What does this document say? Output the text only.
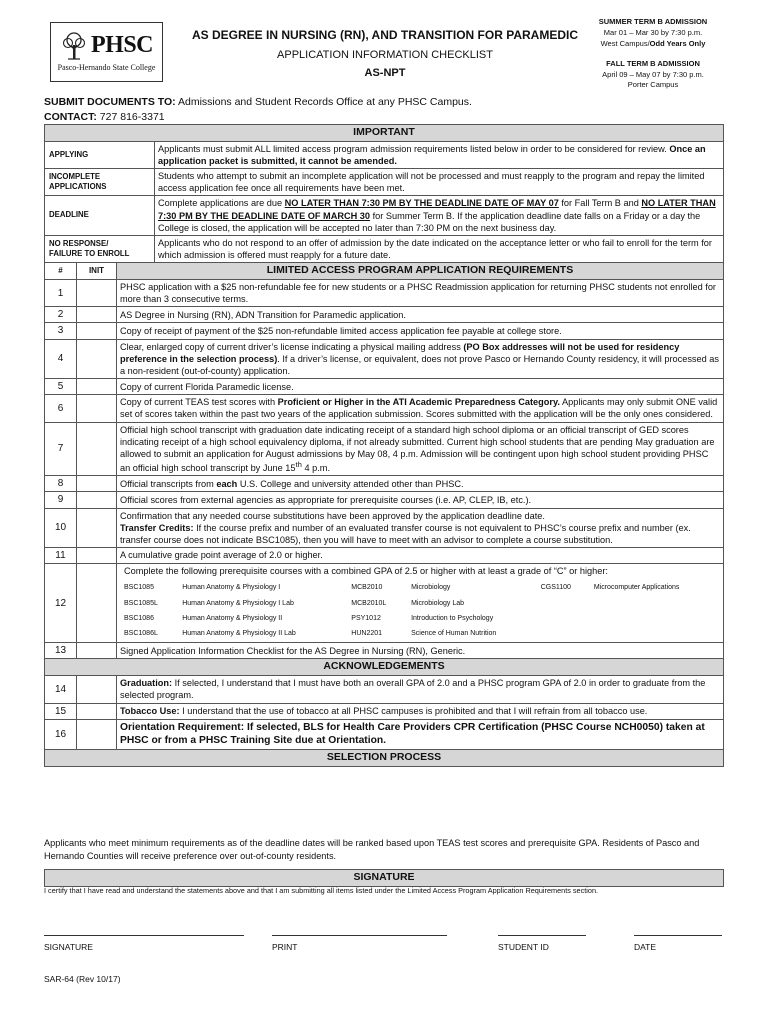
PHSC
Pasco-Hernando State College
AS DEGREE IN NURSING (RN), AND TRANSITION FOR PARAMEDIC
APPLICATION INFORMATION CHECKLIST
AS-NPT
SUMMER TERM B ADMISSION
Mar 01 – Mar 30 by 7:30 p.m.
West Campus/Odd Years Only
FALL TERM B ADMISSION
April 09 – May 07 by 7:30 p.m.
Porter Campus
SUBMIT DOCUMENTS TO: Admissions and Student Records Office at any PHSC Campus.
CONTACT: 727 816-3371
IMPORTANT	
APPLYING	Applicants must submit ALL limited access program admission requirements listed below in order to be considered for review. Once an application packet is submitted, it cannot be amended.

INCOMPLETE
APPLICATIONS	Students who attempt to submit an incomplete application will not be processed and must reapply to the program and repay the limited access application fee once all requirements have been met.
DEADLINE	Complete applications are due NO LATER THAN 7:30 PM BY THE DEADLINE DATE OF MAY 07 for Fall Term B and NO LATER THAN 7:30 PM BY THE DEADLINE DATE OF MARCH 30 for Summer Term B. If the application deadline date falls on a Friday or a day the College is closed, the application will be accepted no later than 7:30 PM on the next business day.

NO RESPONSE/
FAILURE TO ENROLL	Applicants who do not respond to an offer of admission by the date indicated on the acceptance letter or who fail to enroll for the term for which admission is offered must reapply for a future date.
#	INIT	LIMITED ACCESS PROGRAM APPLICATION REQUIREMENTS
1		PHSC application with a $25 non-refundable fee for new students or a PHSC Readmission application for returning PHSC students not enrolled for more than 3 consecutive terms.
2		AS Degree in Nursing (RN), ADN Transition for Paramedic application.
3		Copy of receipt of payment of the $25 non-refundable limited access application fee payable at college store.
4		Clear, enlarged copy of current driver’s license indicating a physical mailing address (PO Box addresses will not be used for residency preference in the selection process). If a driver’s license, or equivalent, does not prove Pasco or Hernando County residency, it will processed as a non-resident (out-of-county) application.
5		Copy of current Florida Paramedic license.
6		Copy of current TEAS test scores with Proficient or Higher in the ATI Academic Preparedness Category. Applicants may only submit ONE valid set of scores taken within the past two years of the application submission. Scores submitted with the application will be the only ones considered.
7		Official high school transcript with graduation date indicating receipt of a standard high school diploma or an official transcript of GED scores indicating receipt of a high school equivalency diploma, if not already submitted. Current high school students that are pending May graduation are allowed to submit an application for August admissions by May 08, 4 p.m. Admission will be contingent upon high school student providing PHSC an official high school transcript by June 15th 4 p.m.
8		Official transcripts from each U.S. College and university attended other than PHSC.
9		Official scores from external agencies as appropriate for prerequisite courses (i.e. AP, CLEP, IB, etc.).
10		
Confirmation that any needed course substitutions have been approved by the application deadline date.
Transfer Credits: If the course prefix and number of an evaluated transfer course is not equivalent to PHSC’s course prefix and number (ex. transfer course does not indicate BSC1085), then you will have to meet with an advisor to complete a course substitution.
11		A cumulative grade point average of 2.0 or higher.
12		
Complete the following prerequisite courses with a combined GPA of 2.5 or higher with at least a grade of “C” or higher:
BSC1085	Human Anatomy & Physiology I	MCB2010	Microbiology	CGS1100	Microcomputer Applications
BSC1085L	Human Anatomy & Physiology I Lab	MCB2010L	Microbiology Lab		
BSC1086	Human Anatomy & Physiology II	PSY1012	Introduction to Psychology		
BSC1086L	Human Anatomy & Physiology II Lab	HUN2201	Science of Human Nutrition		

13		Signed Application Information Checklist for the AS Degree in Nursing (RN), Generic.
ACKNOWLEDGEMENTS
14		Graduation: If selected, I understand that I must have both an overall GPA of 2.0 and a PHSC program GPA of 2.0 in order to graduate from the selected program.
15		Tobacco Use: I understand that the use of tobacco at all PHSC campuses is prohibited and that I will refrain from all tobacco use.
16		Orientation Requirement: If selected, BLS for Health Care Providers CPR Certification (PHSC Course NCH0050) taken at PHSC or from a PHSC Training Site due at Orientation.
SELECTION PROCESS
Applicants who meet minimum requirements as of the deadline dates will be ranked based upon TEAS test scores and prerequisite GPA. Residents of Pasco and Hernando Counties will receive preference over out-of-county residents.
SIGNATURE
I certify that I have read and understand the statements above and that I am submitting all items listed under the Limited Access Program Application Requirements section.
SIGNATURE	PRINT	STUDENT ID	DATE
SAR-64 (Rev 10/17)
